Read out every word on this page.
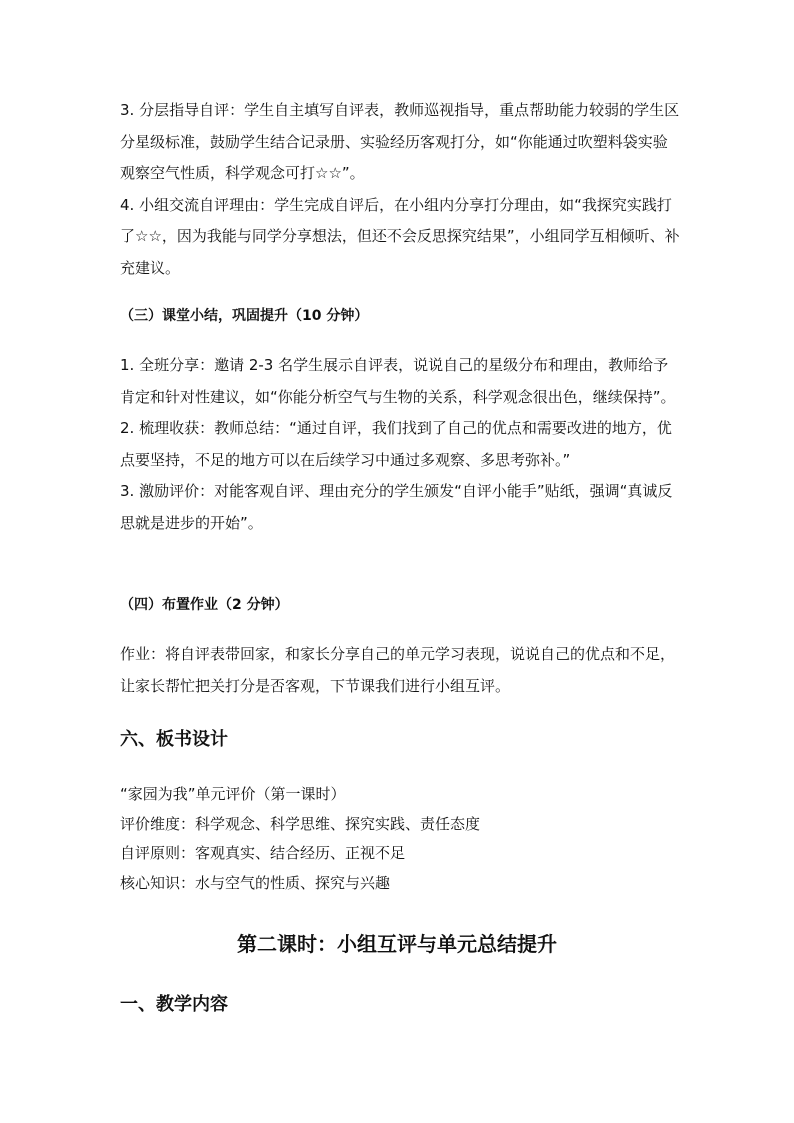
3. 分层指导自评：学生自主填写自评表，教师巡视指导，重点帮助能力较弱的学生区分星级标准，鼓励学生结合记录册、实验经历客观打分，如“你能通过吹塑料袋实验观察空气性质，科学观念可打☆☆”。

4. 小组交流自评理由：学生完成自评后，在小组内分享打分理由，如“我探究实践打了☆☆，因为我能与同学分享想法，但还不会反思探究结果”，小组同学互相倾听、补充建议。

（三）课堂小结，巩固提升（10 分钟）

1. 全班分享：邀请 2-3 名学生展示自评表，说说自己的星级分布和理由，教师给予肯定和针对性建议，如“你能分析空气与生物的关系，科学观念很出色，继续保持”。

2. 梳理收获：教师总结：“通过自评，我们找到了自己的优点和需要改进的地方，优点要坚持，不足的地方可以在后续学习中通过多观察、多思考弥补。”

3. 激励评价：对能客观自评、理由充分的学生颁发“自评小能手”贴纸，强调“真诚反思就是进步的开始”。

（四）布置作业（2 分钟）

作业：将自评表带回家，和家长分享自己的单元学习表现，说说自己的优点和不足，让家长帮忙把关打分是否客观，下节课我们进行小组互评。

六、板书设计

“家园为我”单元评价（第一课时）

评价维度：科学观念、科学思维、探究实践、责任态度

自评原则：客观真实、结合经历、正视不足

核心知识：水与空气的性质、探究与兴趣

第二课时：小组互评与单元总结提升

一、教学内容
